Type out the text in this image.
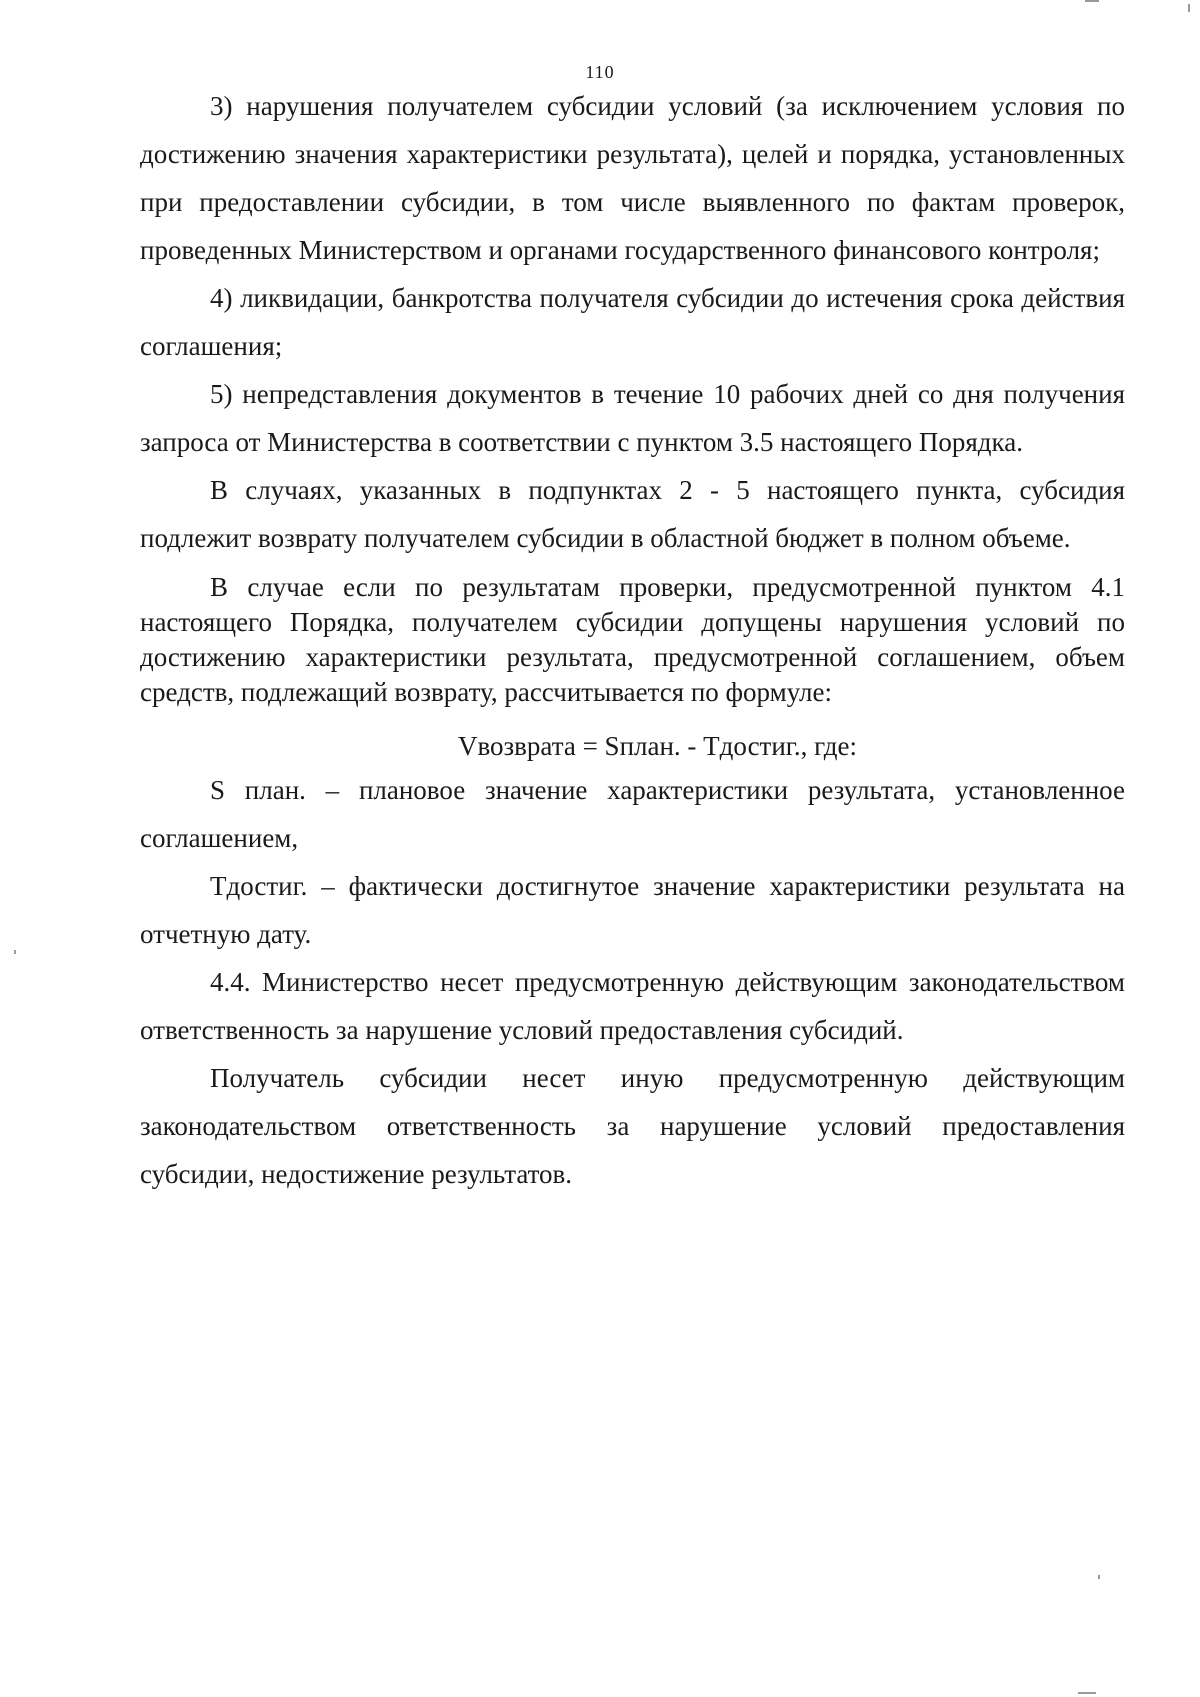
110

3) нарушения получателем субсидии условий (за исключением условия по достижению значения характеристики результата), целей и порядка, установленных при предоставлении субсидии, в том числе выявленного по фактам проверок, проведенных Министерством и органами государственного финансового контроля;

4) ликвидации, банкротства получателя субсидии до истечения срока действия соглашения;

5) непредставления документов в течение 10 рабочих дней со дня получения запроса от Министерства в соответствии с пунктом 3.5 настоящего Порядка.

В случаях, указанных в подпунктах 2 - 5 настоящего пункта, субсидия подлежит возврату получателем субсидии в областной бюджет в полном объеме.

В случае если по результатам проверки, предусмотренной пунктом 4.1 настоящего Порядка, получателем субсидии допущены нарушения условий по достижению характеристики результата, предусмотренной соглашением, объем средств, подлежащий возврату, рассчитывается по формуле:

Vвозврата = Sплан. - Тдостиг., где:

S план. – плановое значение характеристики результата, установленное соглашением,

Тдостиг. – фактически достигнутое значение характеристики результата на отчетную дату.

4.4. Министерство несет предусмотренную действующим законодательством ответственность за нарушение условий предоставления субсидий.

Получатель субсидии несет иную предусмотренную действующим законодательством ответственность за нарушение условий предоставления субсидии, недостижение результатов.
